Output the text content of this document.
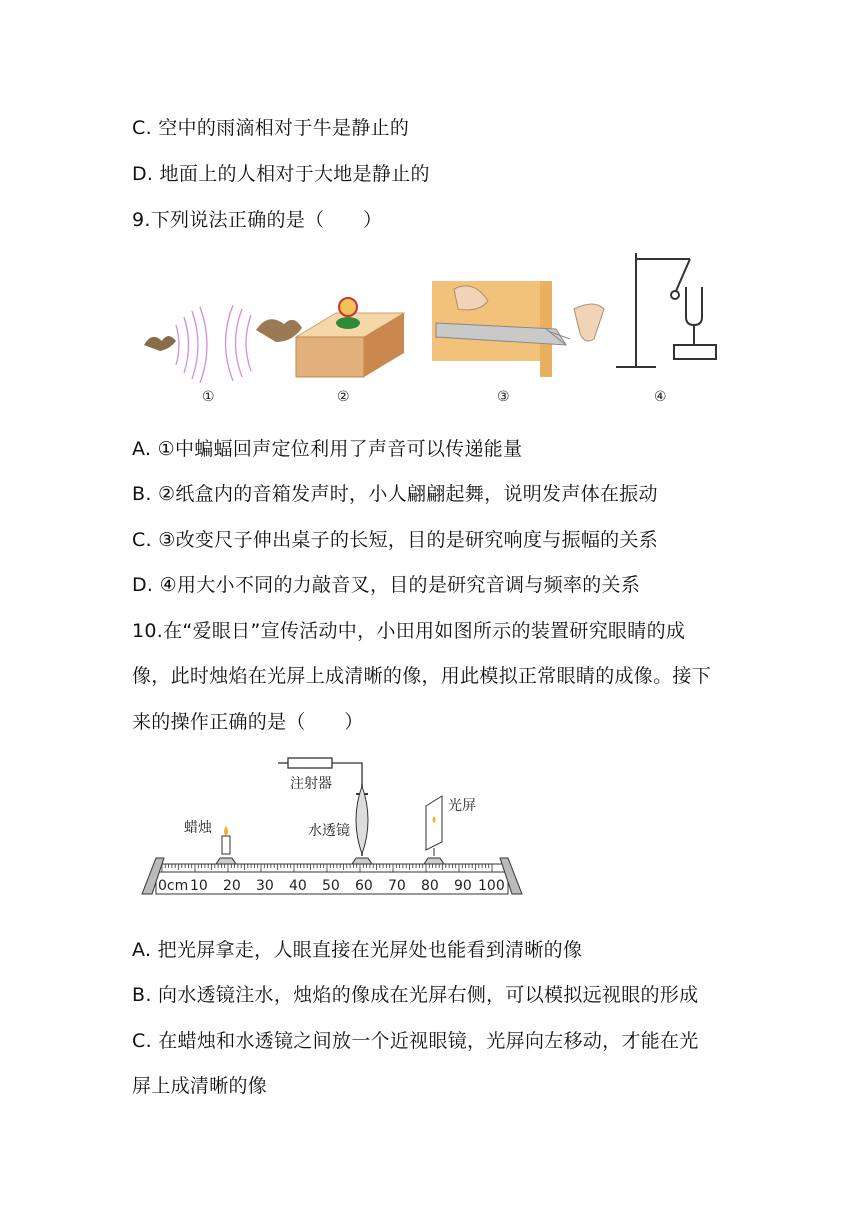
C. 空中的雨滴相对于牛是静止的
D. 地面上的人相对于大地是静止的
9.下列说法正确的是（　　）
①	②	③	④
A. ①中蝙蝠回声定位利用了声音可以传递能量
B. ②纸盒内的音箱发声时，小人翩翩起舞，说明发声体在振动
C. ③改变尺子伸出桌子的长短，目的是研究响度与振幅的关系
D. ④用大小不同的力敲音叉，目的是研究音调与频率的关系
10.在“爱眼日”宣传活动中，小田用如图所示的装置研究眼睛的成
像，此时烛焰在光屏上成清晰的像，用此模拟正常眼睛的成像。接下
来的操作正确的是（　　）
注射器
水透镜
蜡烛
光屏
0cm 10 20 30 40 50 60 70 80 90 100
A. 把光屏拿走，人眼直接在光屏处也能看到清晰的像
B. 向水透镜注水，烛焰的像成在光屏右侧，可以模拟远视眼的形成
C. 在蜡烛和水透镜之间放一个近视眼镜，光屏向左移动，才能在光
屏上成清晰的像
